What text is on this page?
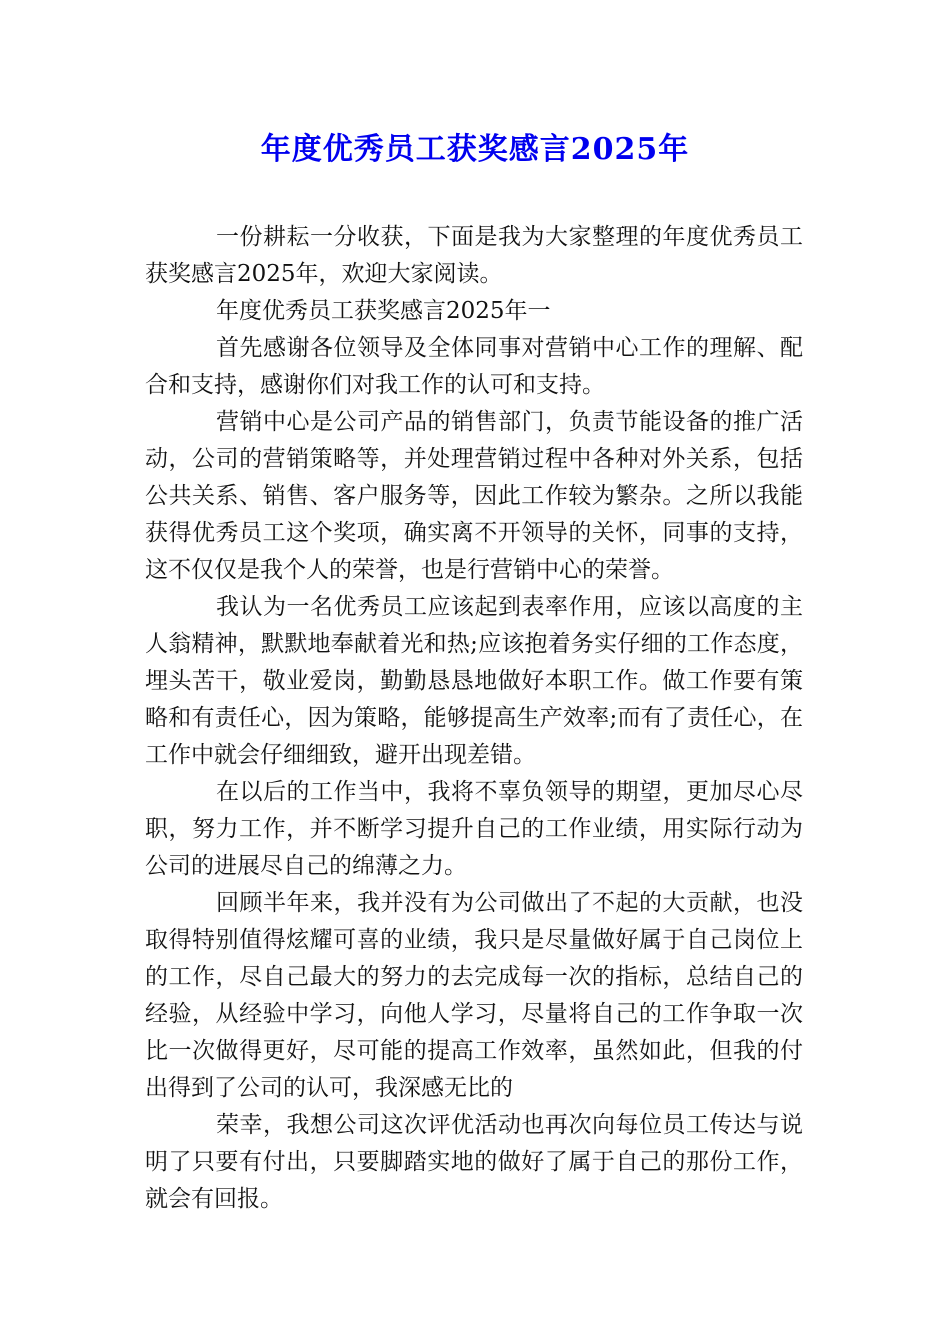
年度优秀员工获奖感言2025年

一份耕耘一分收获，下面是我为大家整理的年度优秀员工获奖感言2025年，欢迎大家阅读。

年度优秀员工获奖感言2025年一

首先感谢各位领导及全体同事对营销中心工作的理解、配合和支持，感谢你们对我工作的认可和支持。

营销中心是公司产品的销售部门，负责节能设备的推广活动，公司的营销策略等，并处理营销过程中各种对外关系，包括公共关系、销售、客户服务等，因此工作较为繁杂。之所以我能获得优秀员工这个奖项，确实离不开领导的关怀，同事的支持，这不仅仅是我个人的荣誉，也是行营销中心的荣誉。

我认为一名优秀员工应该起到表率作用，应该以高度的主人翁精神，默默地奉献着光和热;应该抱着务实仔细的工作态度，埋头苦干，敬业爱岗，勤勤恳恳地做好本职工作。做工作要有策略和有责任心，因为策略，能够提高生产效率;而有了责任心，在工作中就会仔细细致，避开出现差错。

在以后的工作当中，我将不辜负领导的期望，更加尽心尽职，努力工作，并不断学习提升自己的工作业绩，用实际行动为公司的进展尽自己的绵薄之力。

回顾半年来，我并没有为公司做出了不起的大贡献，也没取得特别值得炫耀可喜的业绩，我只是尽量做好属于自己岗位上的工作，尽自己最大的努力的去完成每一次的指标，总结自己的经验，从经验中学习，向他人学习，尽量将自己的工作争取一次比一次做得更好，尽可能的提高工作效率，虽然如此，但我的付出得到了公司的认可，我深感无比的

荣幸，我想公司这次评优活动也再次向每位员工传达与说明了只要有付出，只要脚踏实地的做好了属于自己的那份工作，就会有回报。
